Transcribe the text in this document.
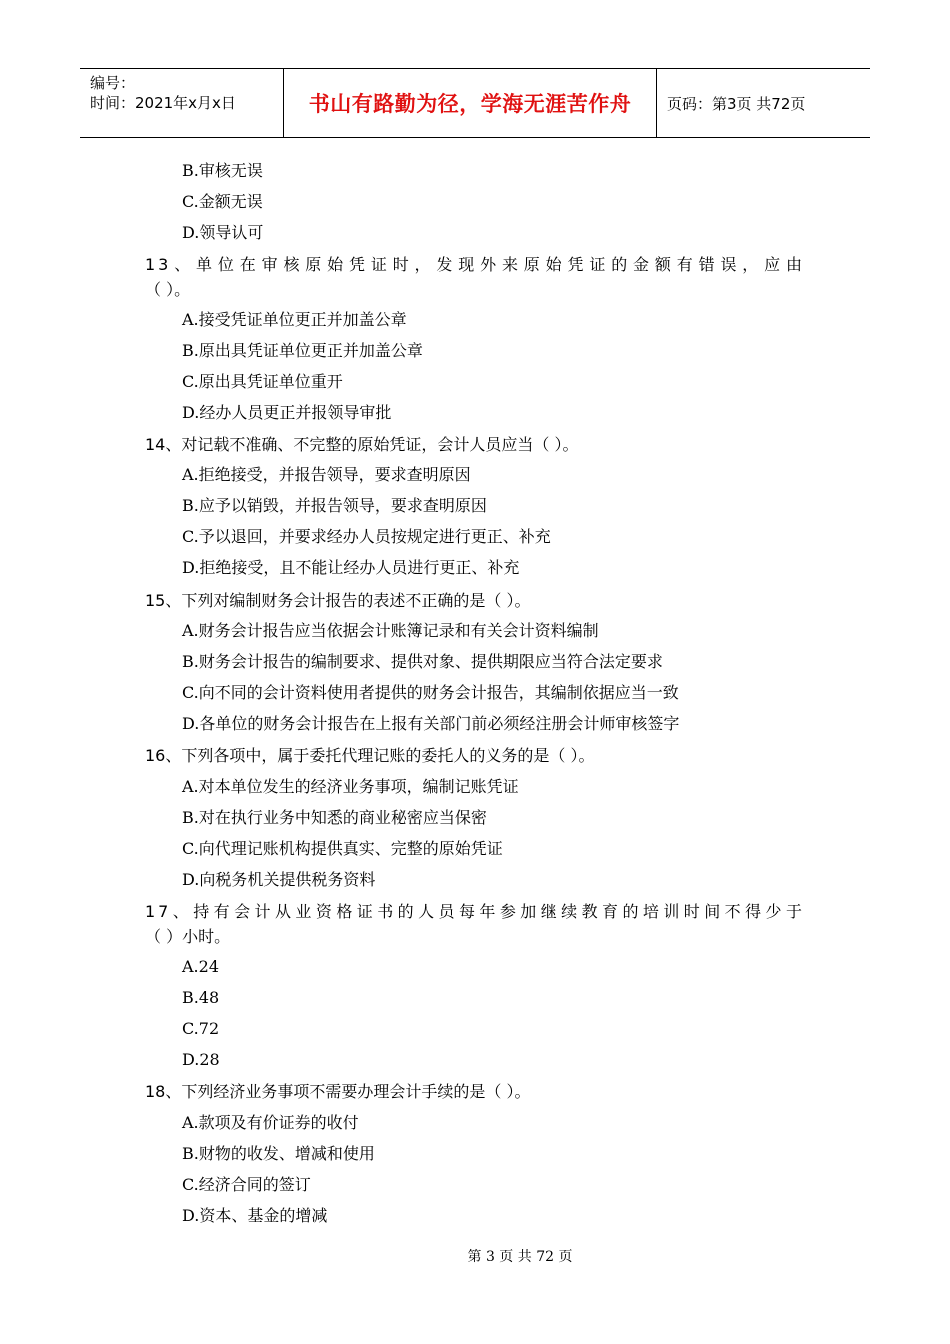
编号：
时间：2021年x月x日	书山有路勤为径，学海无涯苦作舟 页码：第3页 共72页
B.审核无误
C.金额无误
D.领导认可
13、单位在审核原始凭证时，发现外来原始凭证的金额有错误，应由
（ ）。
A.接受凭证单位更正并加盖公章
B.原出具凭证单位更正并加盖公章
C.原出具凭证单位重开
D.经办人员更正并报领导审批
14、对记载不准确、不完整的原始凭证，会计人员应当（ ）。
A.拒绝接受，并报告领导，要求查明原因
B.应予以销毁，并报告领导，要求查明原因
C.予以退回，并要求经办人员按规定进行更正、补充
D.拒绝接受，且不能让经办人员进行更正、补充
15、下列对编制财务会计报告的表述不正确的是（ ）。
A.财务会计报告应当依据会计账簿记录和有关会计资料编制
B.财务会计报告的编制要求、提供对象、提供期限应当符合法定要求
C.向不同的会计资料使用者提供的财务会计报告，其编制依据应当一致
D.各单位的财务会计报告在上报有关部门前必须经注册会计师审核签字
16、下列各项中，属于委托代理记账的委托人的义务的是（ ）。
A.对本单位发生的经济业务事项，编制记账凭证
B.对在执行业务中知悉的商业秘密应当保密
C.向代理记账机构提供真实、完整的原始凭证
D.向税务机关提供税务资料
17、持有会计从业资格证书的人员每年参加继续教育的培训时间不得少于
（ ）小时。
A.24
B.48
C.72
D.28
18、下列经济业务事项不需要办理会计手续的是（ ）。
A.款项及有价证券的收付
B.财物的收发、增减和使用
C.经济合同的签订
D.资本、基金的增减
第 3 页 共 72 页
